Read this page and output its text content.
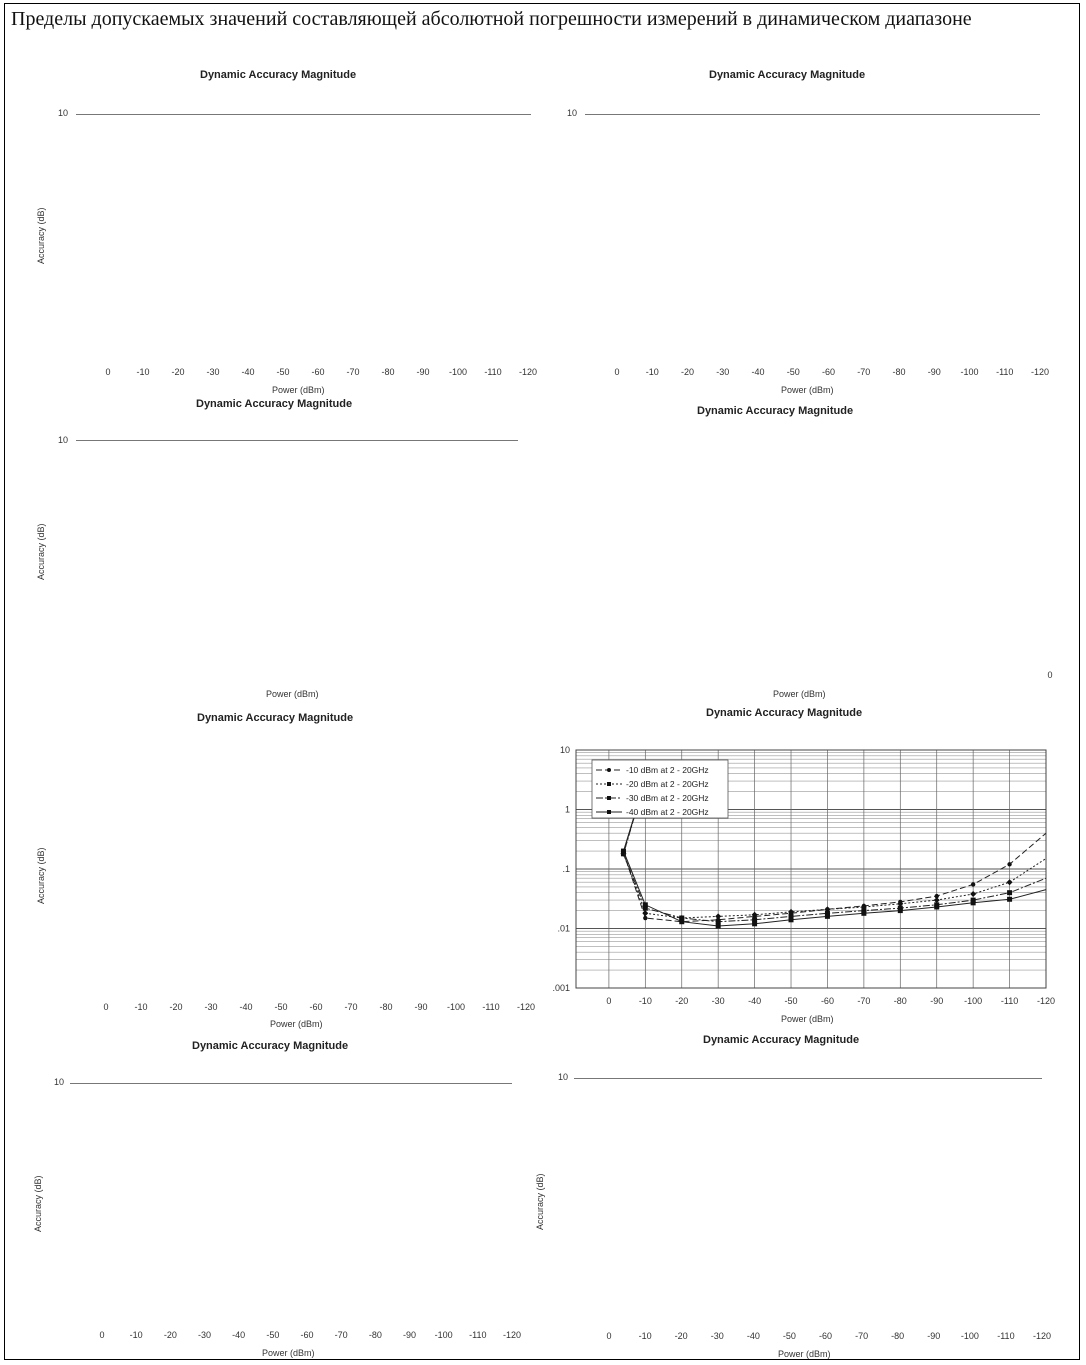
Пределы допускаемых значений составляющей абсолютной погрешности измерений в динамическом диапазоне
Dynamic Accuracy Magnitude
10
Accuracy (dB)
Power (dBm)
Dynamic Accuracy Magnitude
10
Power (dBm)
Dynamic Accuracy Magnitude
10
Accuracy (dB)
Power (dBm)
Dynamic Accuracy Magnitude
0
Power (dBm)
Dynamic Accuracy Magnitude
Accuracy (dB)
Power (dBm)
Dynamic Accuracy Magnitude
0	-10	-20	-30	-40	-50	-60	-70	-80	-90 -100 -110 -120
10
1
.1
.01
.001
-10 dBm at 2 - 20GHz
-20 dBm at 2 - 20GHz
-30 dBm at 2 - 20GHz
-40 dBm at 2 - 20GHz
Power (dBm)
Dynamic Accuracy Magnitude
10
Accuracy (dB)
Power (dBm)
Dynamic Accuracy Magnitude
10
Accuracy (dB)
Power (dBm)
0	-10 -20 -30 -40 -50 -60 -70 -80 -90 -100 -110 -120	0	-10 -20 -30 -40 -50 -60 -70 -80 -90 -100 -110 -120
0	-10 -20 -30 -40 -50 -60 -70 -80 -90 -100 -110 -120
0	-10 -20 -30 -40 -50 -60 -70 -80 -90 -100 -110 -120	0	-10	-20	-30	-40	-50	-60	-70	-80	-90 -100 -110 -120
